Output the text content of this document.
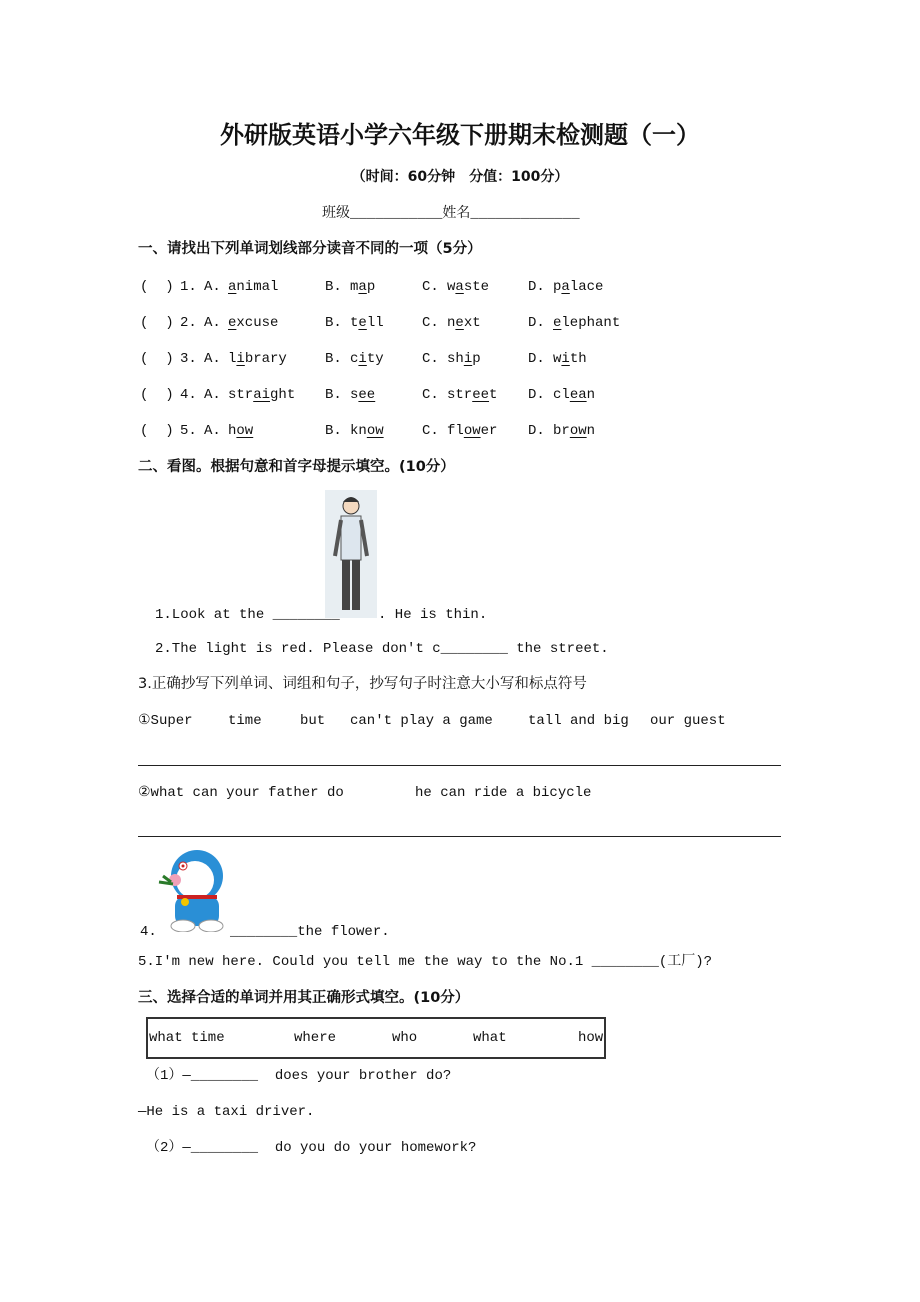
外研版英语小学六年级下册期末检测题（一）
（时间：60分钟　分值：100分）
班级___________姓名_____________
一、请找出下列单词划线部分读音不同的一项（5分）
(  ) 1. A. animal	B. map	C. waste	D. palace
(  ) 2. A. excuse	B. tell	C. next	D. elephant
(  ) 3. A. library	B. city	C. ship	D. with
(  ) 4. A. straight B. see	C. street D. clean
(  ) 5. A. how	B. know	C. flower D. brown
二、看图。根据句意和首字母提示填空。(10分）
1.Look at the ________	. He is thin.
2.The light is red. Please don't c________ the street.
3.正确抄写下列单词、词组和句子，抄写句子时注意大小写和标点符号
①Super	time	but can't play a game	tall and big our guest
②what can your father do	he can ride a bicycle
4.	________the flower.
5.I'm new here. Could you tell me the way to the No.1 ________(工厂)?
三、选择合适的单词并用其正确形式填空。(10分）
what time	where	who	what	how
（1）—________  does your brother do?
—He is a taxi driver.
（2）—________  do you do your homework?
